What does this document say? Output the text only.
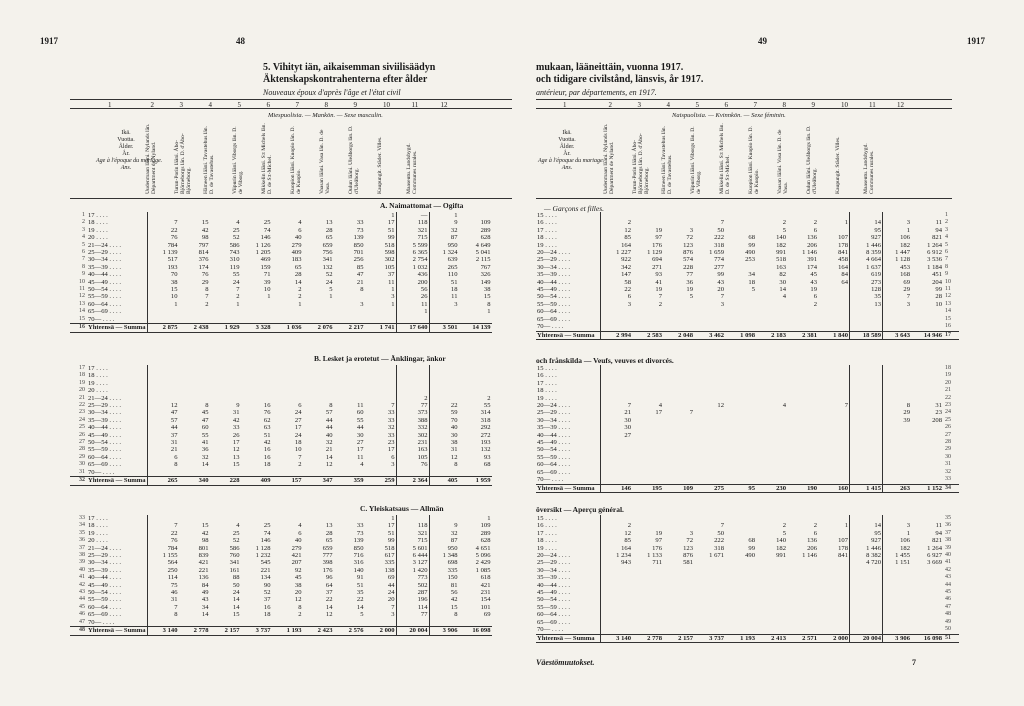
1917	48
5. Vihityt iän, aikaisemman siviilisäädyn
Äktenskapskontrahenterna efter ålder
Nouveaux époux d'après l'âge et l'état civil
1	2	3	4	5	6	7	8	9	10	11	12
Miespuolisia. — Mankön. — Sexe masculin.
Uudenmaan lääni. Nylands län. Départment de Nyland.	Turun-Porin lääni. Åbo-Björneborgs län. D. d'Åbo-Björneborg. Hämeen lääni. Tavastehus län. D. de Tavastehus.	Viipurin lääni. Viborgs län. D. de Viborg.	Mikkelin lääni. S:t Michels län. D. de S:t-Michel.	Kuopion lääni. Kuopio län. D. de Kuopio.	Vaasan lääni. Vasa län. D. de Vasa.	Oulun lääni. Uleåborgs län. D. d'Uleåborg.	Kaupungit. Städer. Villes.	Maaseutu. Landsbygd. Communes rurales.
Ikä.
Vuotta.
Ålder.
År.
Age à l'époque du mariage.
Ans.
A. Naimattomat — Ogifta
B. Lesket ja erotetut — Änklingar, änkor
C. Yleiskatsaus — Allmän
1	17 . . . .								1	—	1	
2	18 . . . .	7	15	4	25	4	13	33	17	118	9	109
3	19 . . . .	22	42	25	74	6	28	73	51	321	32	289
4	20 . . . .	76	98	52	146	40	65	139	99	715	87	628
5	21—24 . . . .	784	797	586	1 126	279	659	850	518	5 599	950	4 649
6	25—29 . . . .	1 139	814	743	1 205	409	756	701	598	6 365	1 324	5 041
7	30—34 . . . .	517	376	310	469	183	341	256	302	2 754	639	2 115
8	35—39 . . . .	193	174	119	159	65	132	85	105	1 032	265	767
9	40—44 . . . .	70	76	55	71	28	52	47	37	436	110	326
10	45—49 . . . .	38	29	24	39	14	24	21	11	200	51	149
11	50—54 . . . .	15	8	7	10	2	5	8	1	56	18	38
12	55—59 . . . .	10	7	2	1	2	1		3	26	11	15
13	60—64 . . . .	1	2	1		1		3	1	11	3	8
14	65—69 . . . .									1		1
15	70— . . . .											
16	Yhteensä — Summa	2 875	2 438	1 929	3 328	1 036	2 076	2 217	1 741	17 640	3 501	14 139
17	17 . . . .											
18	18 . . . .											
19	19 . . . .											
20	20 . . . .											
21	21—24 . . . .									2		2
22	25—29 . . . .	12	8	9	16	6	8	11	7	77	22	55
23	30—34 . . . .	47	45	31	76	24	57	60	33	373	59	314
24	35—39 . . . .	57	47	42	62	27	44	55	33	388	70	318
25	40—44 . . . .	44	60	33	63	17	44	44	32	332	40	292
26	45—49 . . . .	37	55	26	51	24	40	30	33	302	30	272
27	50—54 . . . .	31	41	17	42	18	32	27	23	231	38	193
28	55—59 . . . .	21	36	12	16	10	21	17	17	163	31	132
29	60—64 . . . .	6	32	13	16	7	14	11	6	105	12	93
30	65—69 . . . .	8	14	15	18	2	12	4	3	76	8	68
31	70— . . . .											
32	Yhteensä — Summa	265	340	228	409	157	347	359	259	2 364	405	1 959
33	17 . . . .								1			1
34	18 . . . .	7	15	4	25	4	13	33	17	118	9	109
35	19 . . . .	22	42	25	74	6	28	73	51	321	32	289
36	20 . . . .	76	98	52	146	40	65	139	99	715	87	628
37	21—24 . . . .	784	801	586	1 128	279	659	850	518	5 601	950	4 651
38	25—29 . . . .	1 155	839	760	1 232	421	777	716	617	6 444	1 348	5 096
39	30—34 . . . .	564	421	341	545	207	398	316	335	3 127	698	2 429
40	35—39 . . . .	250	221	161	221	92	176	140	138	1 420	335	1 085
41	40—44 . . . .	114	136	88	134	45	96	91	69	773	150	618
42	45—49 . . . .	75	84	50	90	38	64	51	44	502	81	421
43	50—54 . . . .	46	49	24	52	20	37	35	24	287	56	231
44	55—59 . . . .	31	43	14	37	12	22	22	20	196	42	154
45	60—64 . . . .	7	34	14	16	8	14	14	7	114	15	101
46	65—69 . . . .	8	14	15	18	2	12	5	3	77	8	69
47	70— . . . .											
48	Yhteensä — Summa	3 140	2 778	2 157	3 737	1 193	2 423	2 576	2 000	20 004	3 906	16 098
49	1917
mukaan, lääneittäin, vuonna 1917.
och tidigare civilstånd, länsvis, år 1917.
antérieur, par départements, en 1917.
1	2	3	4	5	6	7	8	9	10	11	12
Naispuolisia. — Kvinnkön. — Sexe féminin.
Uudenmaan lääni. Nylands län. Départment de Nyland.	Turun-Porin lääni. Åbo-Björneborgs län. D. d'Åbo-Björneborg. Hämeen lääni. Tavastehus län. D. de Tavastehus.	Viipurin lääni. Viborgs län. D. de Viborg.	Mikkelin lääni. S:t Michels län. D. de S:t-Michel.	Kuopion lääni. Kuopio län. D. de Kuopio.	Vaasan lääni. Vasa län. D. de Vasa.	Oulun lääni. Uleåborgs län. D. d'Uleåborg.	Kaupungit. Städer. Villes.	Maaseutu. Landsbygd. Communes rurales.
Ikä.
Vuotta.
Ålder.
År.
Age à l'époque du mariage.
Ans.
— Garçons et filles.
och frånskilda — Veufs, veuves et divorcés.
översikt — Aperçu général.
15 . . . .												1
16 . . . .	2			7		2	2	1	14	3	11	2
17 . . . .	12	19	3	50		5	6		95	1	94	3
18 . . . .	85	97	72	222	68	140	136	107	927	106	821	4
19 . . . .	164	176	123	318	99	182	206	178	1 446	182	1 264	5
20—24 . . . .	1 227	1 129	876	1 659	490	991	1 146	841	8 359	1 447	6 912	6
25—29 . . . .	922	694	574	774	253	518	391	458	4 664	1 128	3 536	7
30—34 . . . .	342	271	228	277		163	174	164	1 637	453	1 184	8
35—39 . . . .	147	93	77	99	34	82	45	84	619	168	451	9
40—44 . . . .	58	41	36	43	18	30	43	64	273	69	204	10
45—49 . . . .	22	19	19	20	5	14	19		128	29	99	11
50—54 . . . .	6	7	5	7		4	6		35	7	28	12
55—59 . . . .	3	2		3			2		13	3	10	13
60—64 . . . .												14
65—69 . . . .												15
70— . . . .												16
Yhteensä — Summa	2 994	2 583	2 048	3 462	1 098	2 183	2 381	1 840	18 589	3 643	14 946	17
15 . . . .												18
16 . . . .												19
17 . . . .												20
18 . . . .												21
19 . . . .												22
20—24 . . . .	7	4		12		4		7		8	31	23
25—29 . . . .	21	17	7							29	23	24
30—34 . . . .	30									39	208	25
35—39 . . . .	30											26
40—44 . . . .	27											27
45—49 . . . .												28
50—54 . . . .												29
55—59 . . . .												30
60—64 . . . .												31
65—69 . . . .												32
70— . . . .												33
Yhteensä — Summa	146	195	109	275	95	230	190	160	1 415	263	1 152	34
15 . . . .												35
16 . . . .	2			7		2	2	1	14	3	11	36
17 . . . .	12	19	3	50		5	6		95	1	94	37
18 . . . .	85	97	72	222	68	140	136	107	927	106	821	38
19 . . . .	164	176	123	318	99	182	206	178	1 446	182	1 264	39
20—24 . . . .	1 234	1 133	876	1 671	490	991	1 146	841	8 382	1 455	6 927	40
25—29 . . . .	943	711	581						4 720	1 151	3 669	41
30—34 . . . .												42
35—39 . . . .												43
40—44 . . . .												44
45—49 . . . .												45
50—54 . . . .												46
55—59 . . . .												47
60—64 . . . .												48
65—69 . . . .												49
70— . . . .												50
Yhteensä — Summa	3 140	2 778	2 157	3 737	1 193	2 413	2 571	2 000	20 004	3 906	16 098	51
Väestömuutokset.	7
